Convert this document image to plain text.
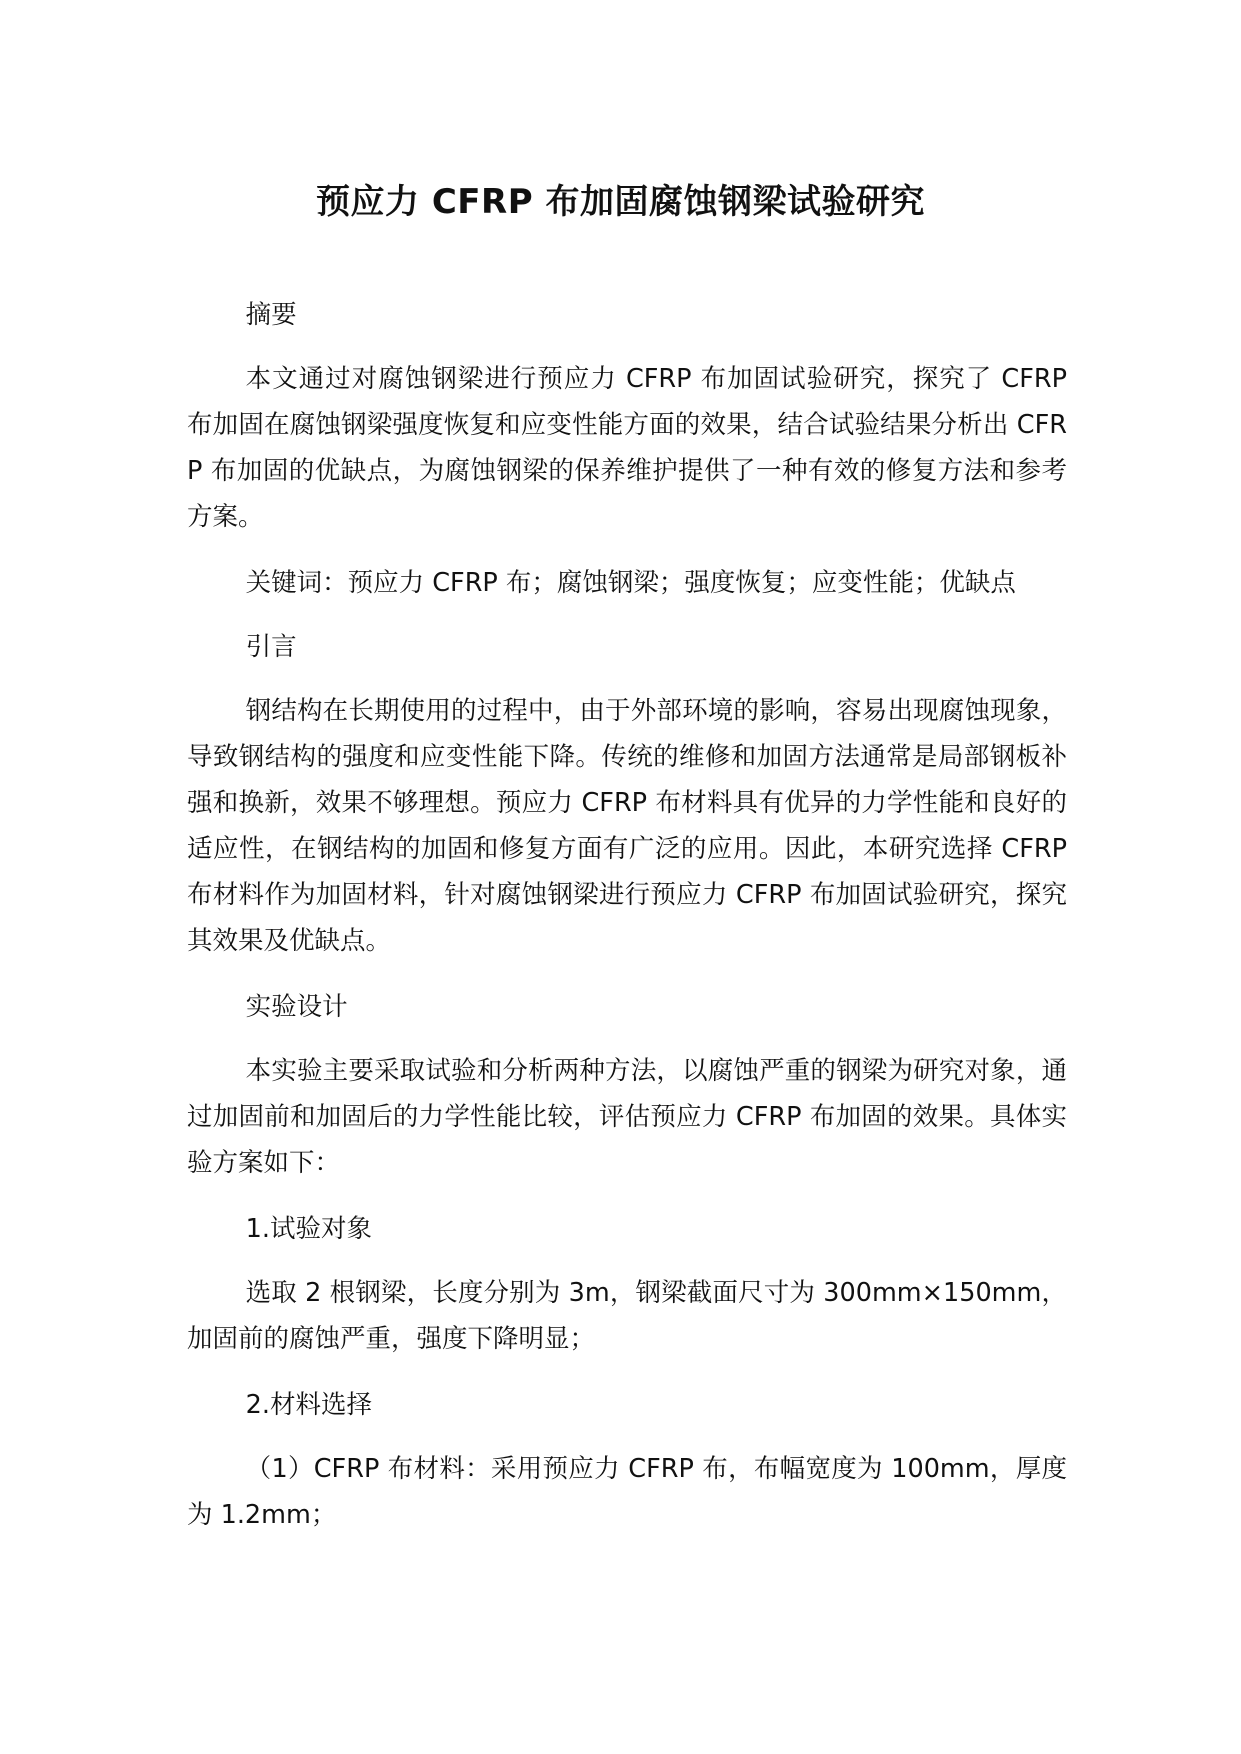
预应力 CFRP 布加固腐蚀钢梁试验研究

摘要

本文通过对腐蚀钢梁进行预应力 CFRP 布加固试验研究，探究了 CFRP 布加固在腐蚀钢梁强度恢复和应变性能方面的效果，结合试验结果分析出 CFRP 布加固的优缺点，为腐蚀钢梁的保养维护提供了一种有效的修复方法和参考方案。

关键词：预应力 CFRP 布；腐蚀钢梁；强度恢复；应变性能；优缺点

引言

钢结构在长期使用的过程中，由于外部环境的影响，容易出现腐蚀现象，导致钢结构的强度和应变性能下降。传统的维修和加固方法通常是局部钢板补强和换新，效果不够理想。预应力 CFRP 布材料具有优异的力学性能和良好的适应性，在钢结构的加固和修复方面有广泛的应用。因此，本研究选择 CFRP 布材料作为加固材料，针对腐蚀钢梁进行预应力 CFRP 布加固试验研究，探究其效果及优缺点。

实验设计

本实验主要采取试验和分析两种方法，以腐蚀严重的钢梁为研究对象，通过加固前和加固后的力学性能比较，评估预应力 CFRP 布加固的效果。具体实验方案如下：

1.试验对象

选取 2 根钢梁，长度分别为 3m，钢梁截面尺寸为 300mm×150mm，加固前的腐蚀严重，强度下降明显；

2.材料选择

（1）CFRP 布材料：采用预应力 CFRP 布，布幅宽度为 100mm，厚度为 1.2mm；
